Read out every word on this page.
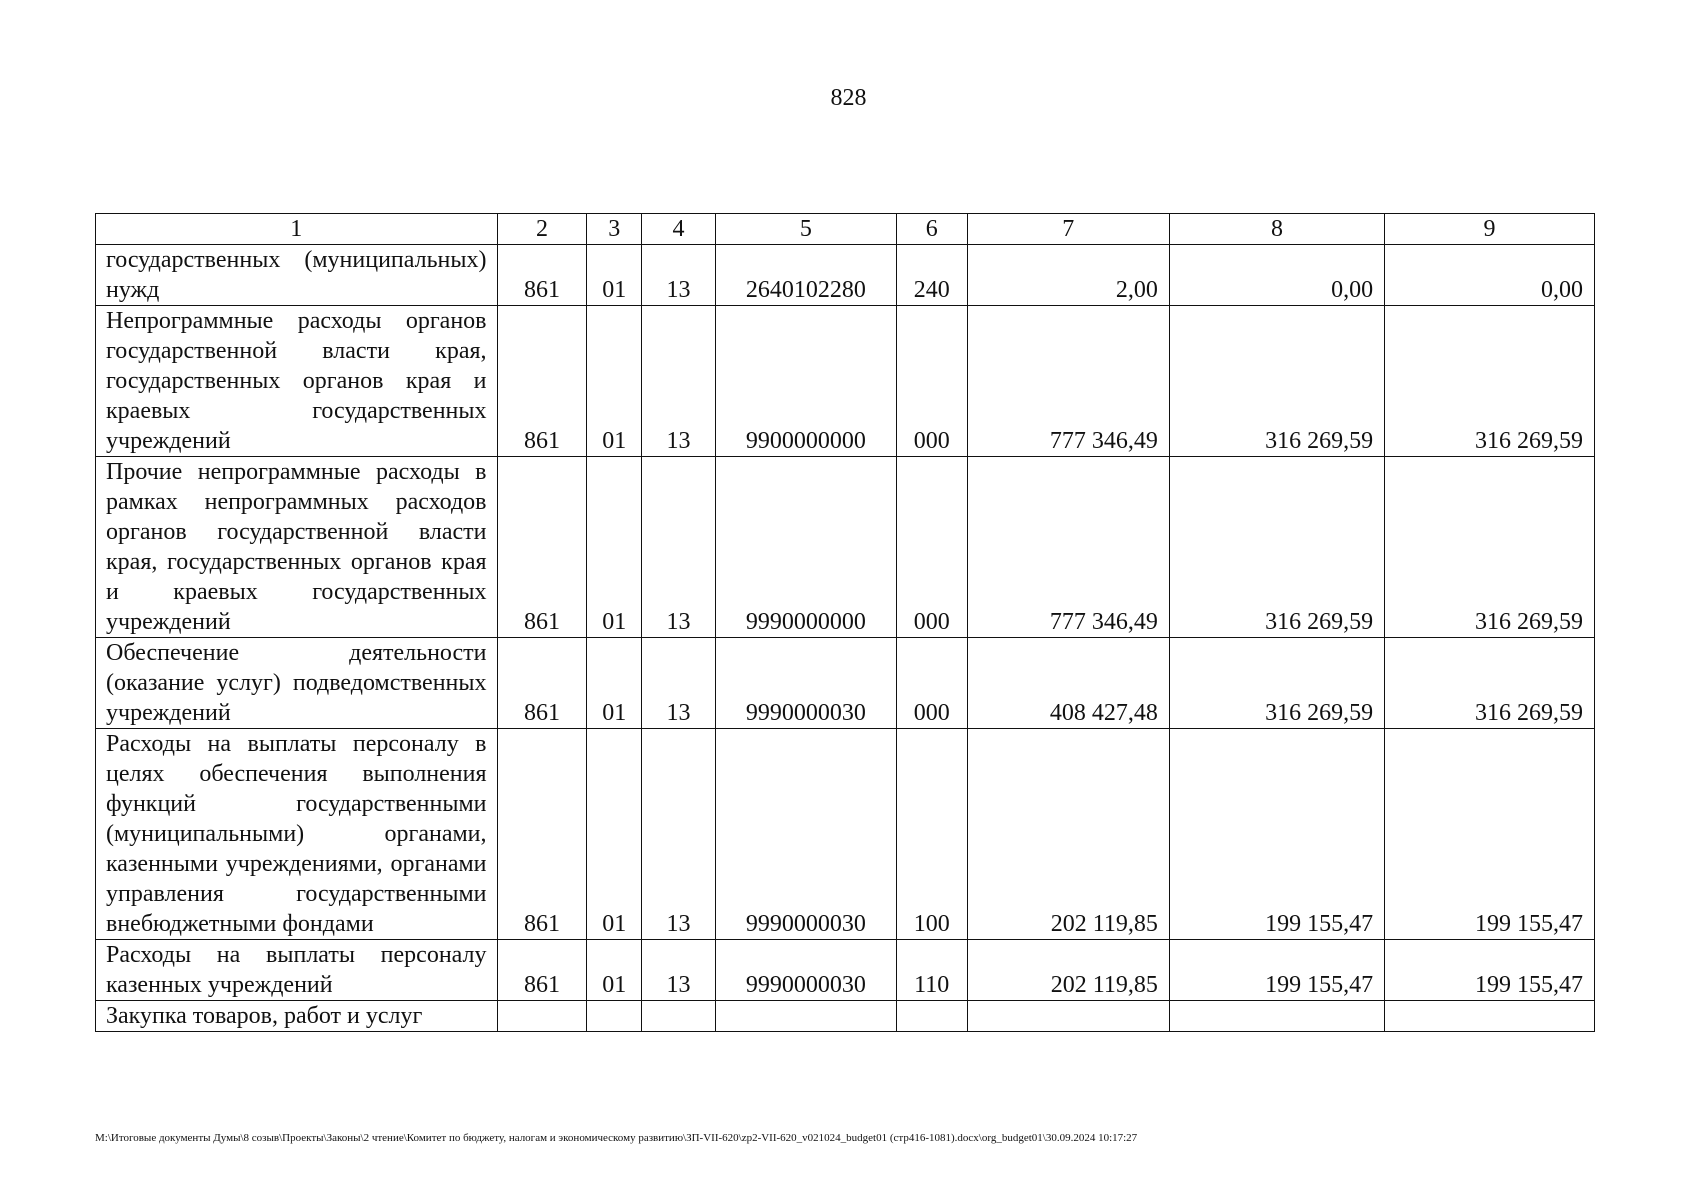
828
1	2	3	4	5	6	7	8	9
государственных (муниципальных) нужд	861	01	13	2640102280	240	2,00	0,00	0,00
Непрограммные расходы органов государственной власти края, государственных органов края и краевых государственных учреждений	861	01	13	9900000000	000	777 346,49	316 269,59	316 269,59
Прочие непрограммные расходы в рамках непрограммных расходов органов государственной власти края, государственных органов края и краевых государственных учреждений	861	01	13	9990000000	000	777 346,49	316 269,59	316 269,59
Обеспечение деятельности (оказание услуг) подведомственных учреждений	861	01	13	9990000030	000	408 427,48	316 269,59	316 269,59
Расходы на выплаты персоналу в целях обеспечения выполнения функций государственными (муниципальными) органами, казенными учреждениями, органами управления государственными внебюджетными фондами	861	01	13	9990000030	100	202 119,85	199 155,47	199 155,47
Расходы на выплаты персоналу казенных учреждений	861	01	13	9990000030	110	202 119,85	199 155,47	199 155,47
Закупка товаров, работ и услуг								
M:\Итоговые документы Думы\8 созыв\Проекты\Законы\2 чтение\Комитет по бюджету, налогам и экономическому развитию\ЗП-VII-620\zp2-VII-620_v021024_budget01 (стр416-1081).docx\org_budget01\30.09.2024 10:17:27
